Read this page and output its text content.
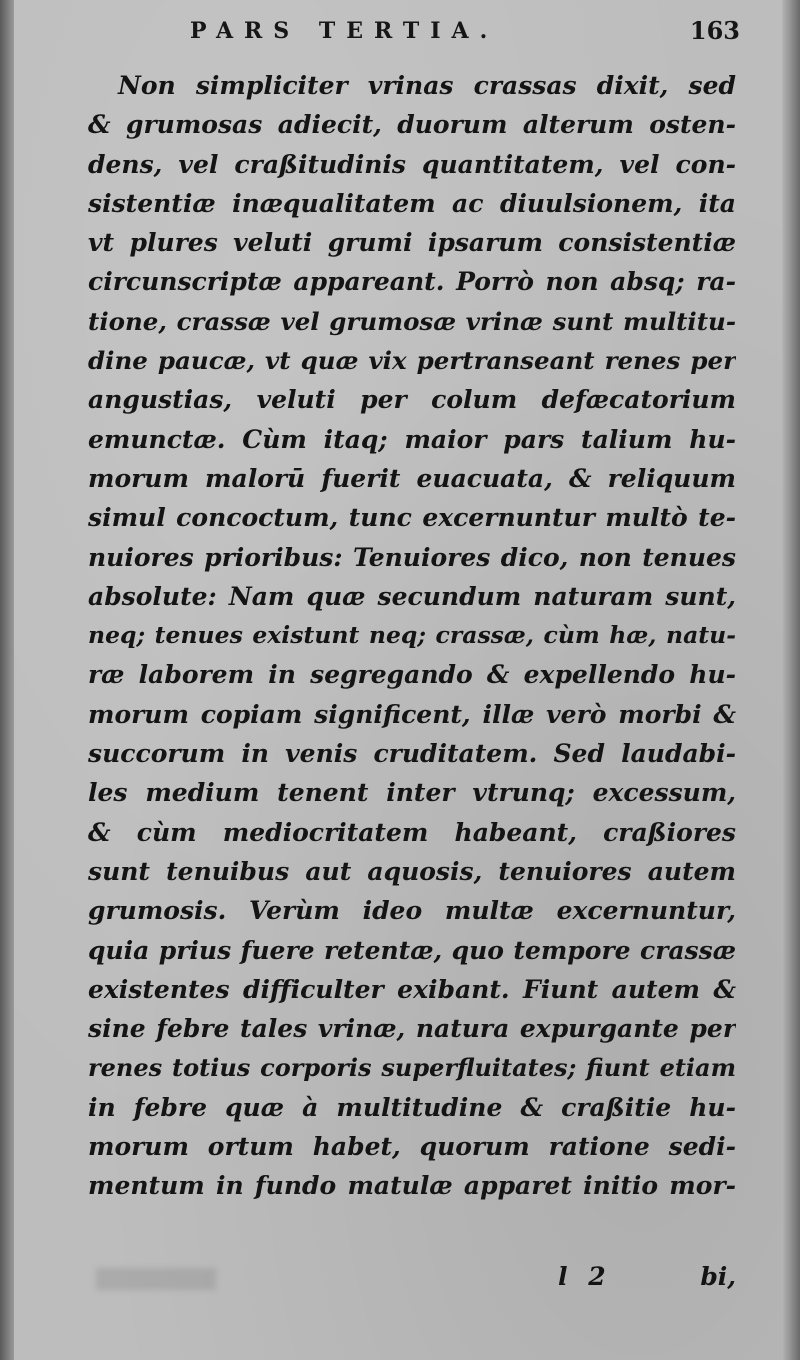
PARS TERTIA.	163
Non simpliciter vrinas crassas dixit, sed
& grumosas adiecit, duorum alterum osten-
dens, vel craßitudinis quantitatem, vel con-
sistentiæ inæqualitatem ac diuulsionem, ita
vt plures veluti grumi ipsarum consistentiæ
circunscriptæ appareant. Porrò non absq; ra-
tione, crassæ vel grumosæ vrinæ sunt multitu-
dine paucæ, vt quæ vix pertranseant renes per
angustias, veluti per colum defæcatorium
emunctæ. Cùm itaq; maior pars talium hu-
morum malorū fuerit euacuata, & reliquum
simul concoctum, tunc excernuntur multò te-
nuiores prioribus: Tenuiores dico, non tenues
absolute: Nam quæ secundum naturam sunt,
neq; tenues existunt neq; crassæ, cùm hæ, natu-
ræ laborem in segregando & expellendo hu-
morum copiam significent, illæ verò morbi &
succorum in venis cruditatem. Sed laudabi-
les medium tenent inter vtrunq; excessum,
& cùm mediocritatem habeant, craßiores
sunt tenuibus aut aquosis, tenuiores autem
grumosis. Verùm ideo multæ excernuntur,
quia prius fuere retentæ, quo tempore crassæ
existentes difficulter exibant. Fiunt autem &
sine febre tales vrinæ, natura expurgante per
renes totius corporis superfluitates; fiunt etiam
in febre quæ à multitudine & craßitie hu-
morum ortum habet, quorum ratione sedi-
mentum in fundo matulæ apparet initio mor-
l 2	bi,
